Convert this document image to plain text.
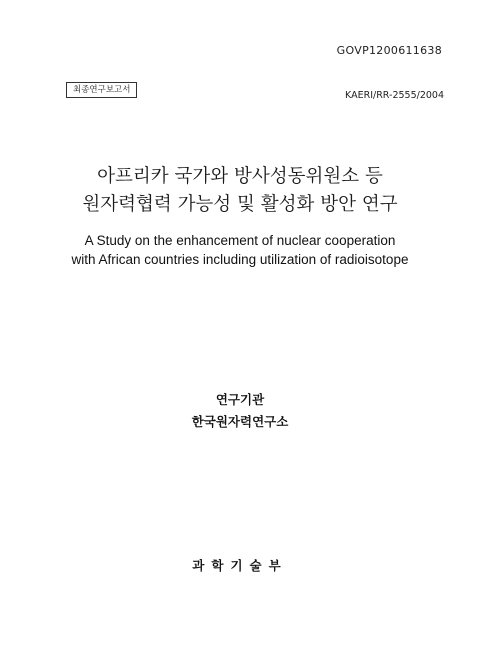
GOVP1200611638
최종연구보고서	KAERI/RR-2555/2004
아프리카 국가와 방사성동위원소 등
원자력협력 가능성 및 활성화 방안 연구
A Study on the enhancement of nuclear cooperation
with African countries including utilization of radioisotope
연구기관
한국원자력연구소
과학기술부
